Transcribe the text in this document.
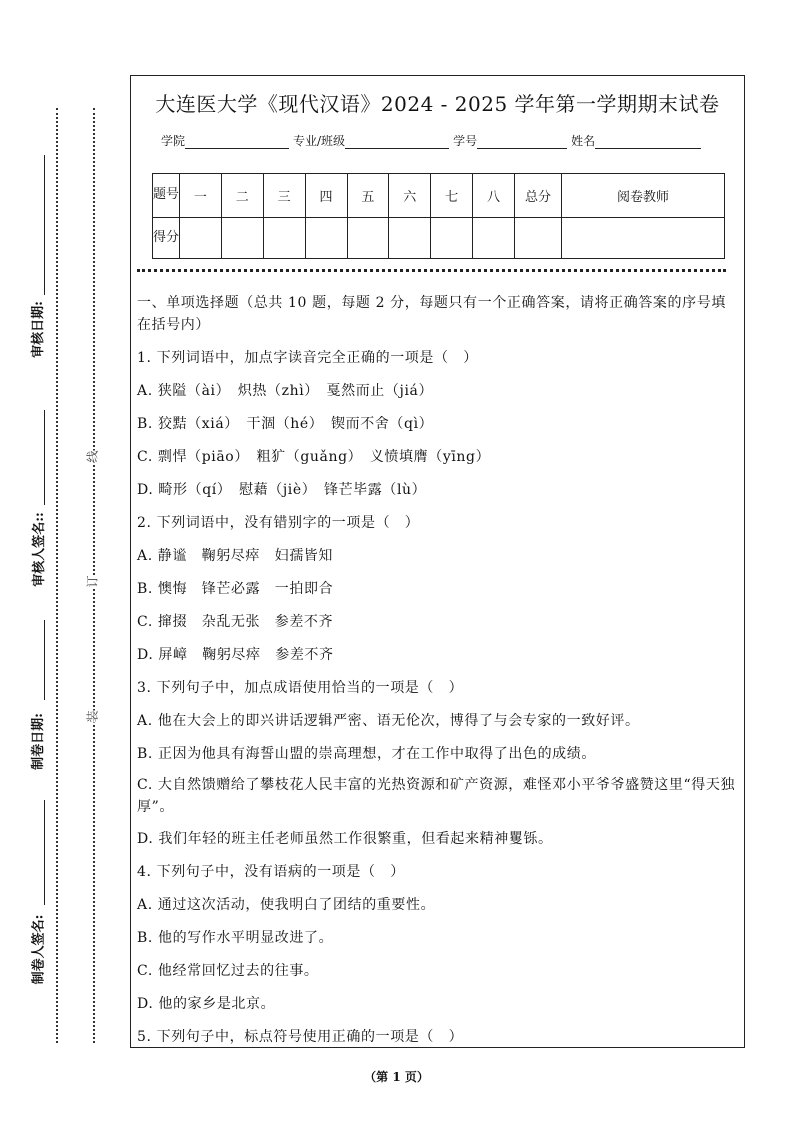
审核日期:
审核人签名::
制卷日期:
制卷人签名:
线
订
装
大连医大学《现代汉语》2024 - 2025 学年第一学期期末试卷
学院	专业/班级	学号	姓名
题号	一	二	三	四	五	六	七	八	总分	阅卷教师
得分										
一、单项选择题（总共 10 题，每题 2 分，每题只有一个正确答案，请将正确答案的序号填在括号内）
1. 下列词语中，加点字读音完全正确的一项是（　）
A. 狭隘（ài）　炽热（zhì）　戛然而止（jiá）
B. 狡黠（xiá）　干涸（hé）　锲而不舍（qì）
C. 剽悍（piāo）　粗犷（guǎng）　义愤填膺（yīng）
D. 畸形（qí）　慰藉（jiè）　锋芒毕露（lù）
2. 下列词语中，没有错别字的一项是（　）
A. 静谧　鞠躬尽瘁　妇孺皆知
B. 懊悔　锋芒必露　一拍即合
C. 撺掇　杂乱无张　参差不齐
D. 屏嶂　鞠躬尽瘁　参差不齐
3. 下列句子中，加点成语使用恰当的一项是（　）
A. 他在大会上的即兴讲话逻辑严密、语无伦次，博得了与会专家的一致好评。
B. 正因为他具有海誓山盟的崇高理想，才在工作中取得了出色的成绩。
C. 大自然馈赠给了攀枝花人民丰富的光热资源和矿产资源，难怪邓小平爷爷盛赞这里“得天独厚”。
D. 我们年轻的班主任老师虽然工作很繁重，但看起来精神矍铄。
4. 下列句子中，没有语病的一项是（　）
A. 通过这次活动，使我明白了团结的重要性。
B. 他的写作水平明显改进了。
C. 他经常回忆过去的往事。
D. 他的家乡是北京。
5. 下列句子中，标点符号使用正确的一项是（　）
（第 1 页）
